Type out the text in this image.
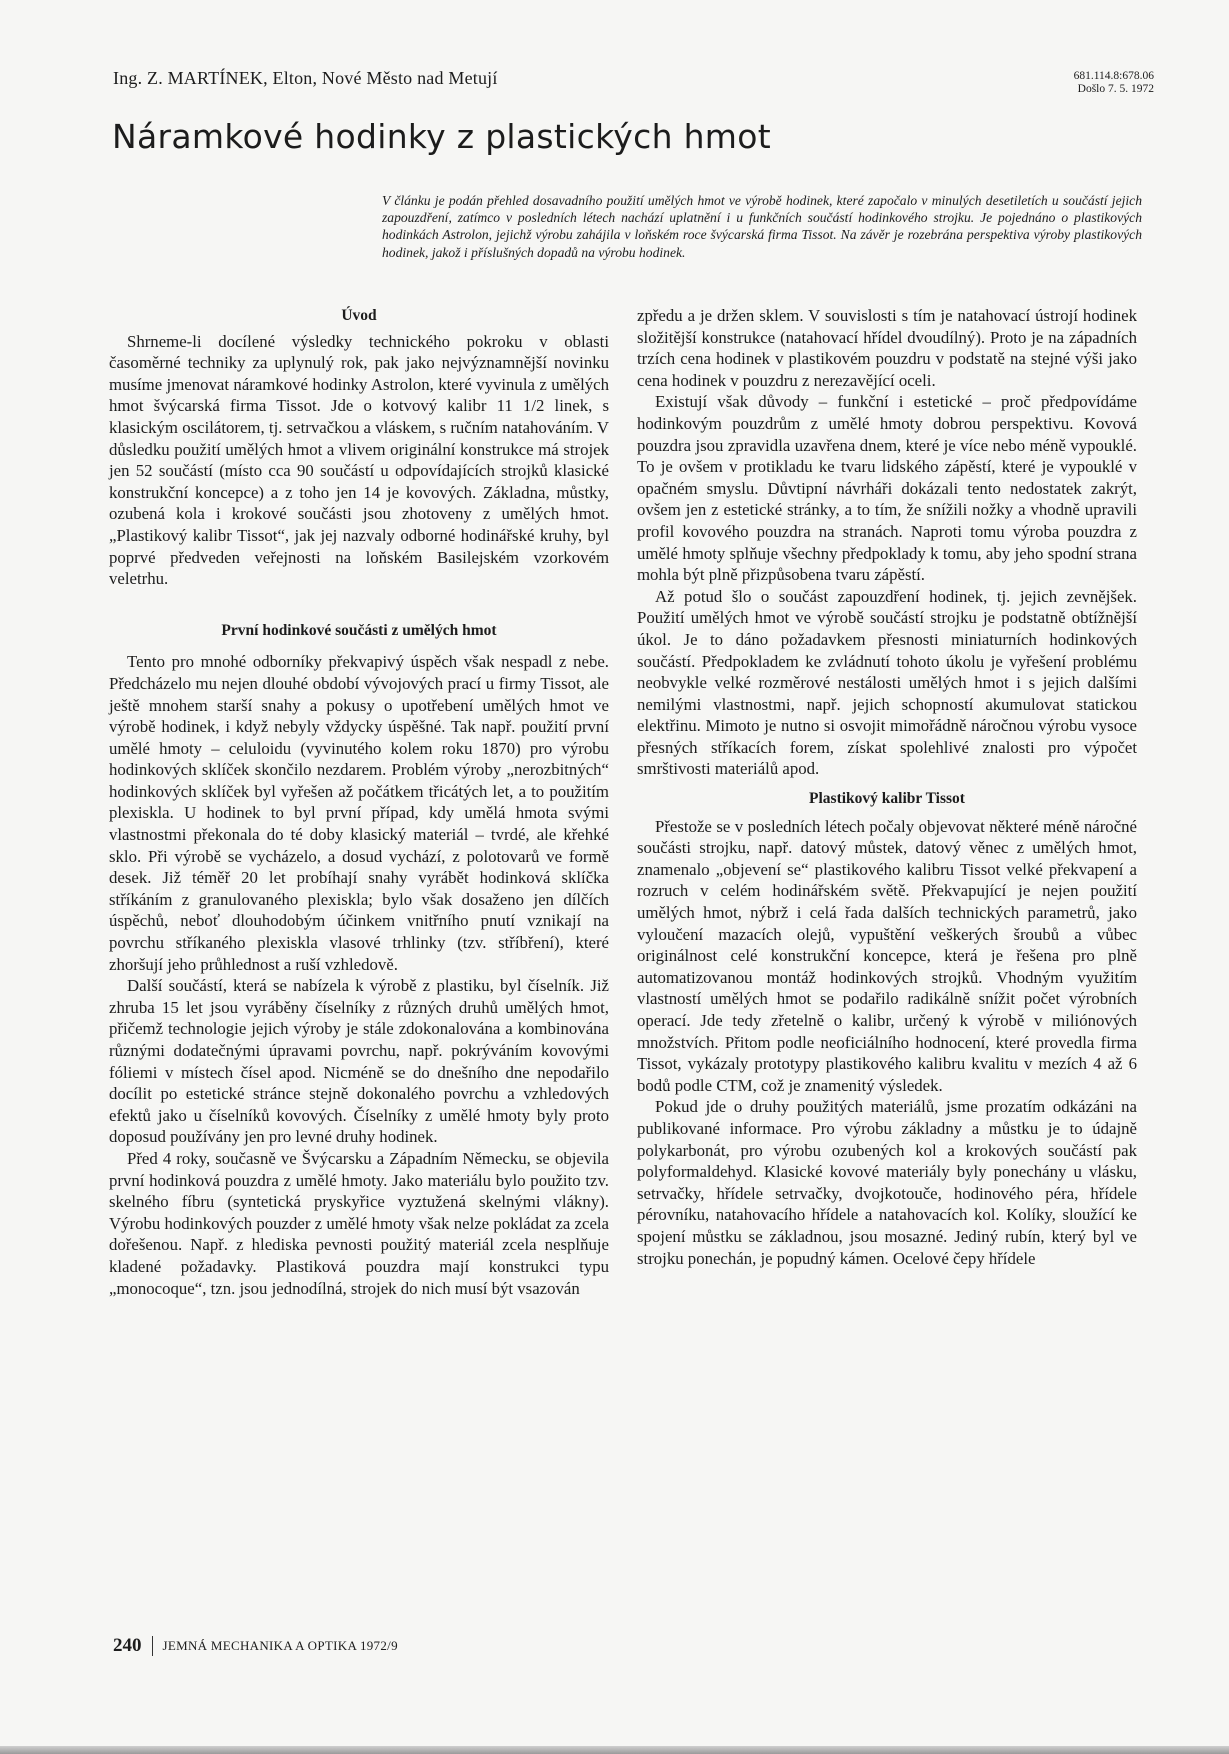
Ing. Z. MARTÍNEK, Elton, Nové Město nad Metují	681.114.8:678.06
Došlo 7. 5. 1972
Náramkové hodinky z plastických hmot
V článku je podán přehled dosavadního použití umělých hmot ve výrobě hodinek, které započalo v minulých desetiletích u součástí jejich zapouzdření, zatímco v posledních létech nachází uplatnění i u funkčních součástí hodinkového strojku. Je pojednáno o plastikových hodinkách Astrolon, jejichž výrobu zahájila v loňském roce švýcarská firma Tissot. Na závěr je rozebrána perspektiva výroby plastikových hodinek, jakož i příslušných dopadů na výrobu hodinek.
Úvod

Shrneme-li docílené výsledky technického pokroku v oblasti časoměrné techniky za uplynulý rok, pak jako nejvýznamnější novinku musíme jmenovat náramkové hodinky Astrolon, které vyvinula z umělých hmot švýcarská firma Tissot. Jde o kotvový kalibr 11 1/2 linek, s klasickým oscilátorem, tj. setrvačkou a vláskem, s ručním natahováním. V důsledku použití umělých hmot a vlivem originální konstrukce má strojek jen 52 součástí (místo cca 90 součástí u odpovídajících strojků klasické konstrukční koncepce) a z toho jen 14 je kovových. Základna, můstky, ozubená kola i krokové součásti jsou zhotoveny z umělých hmot. „Plastikový kalibr Tissot“, jak jej nazvaly odborné hodinářské kruhy, byl poprvé předveden veřejnosti na loňském Basilejském vzorkovém veletrhu.

První hodinkové součásti z umělých hmot

Tento pro mnohé odborníky překvapivý úspěch však nespadl z nebe. Předcházelo mu nejen dlouhé období vývojových prací u firmy Tissot, ale ještě mnohem starší snahy a pokusy o upotřebení umělých hmot ve výrobě hodinek, i když nebyly vždycky úspěšné. Tak např. použití první umělé hmoty – celuloidu (vyvinutého kolem roku 1870) pro výrobu hodinkových sklíček skončilo nezdarem. Problém výroby „nerozbitných“ hodinkových sklíček byl vyřešen až počátkem třicátých let, a to použitím plexiskla. U hodinek to byl první případ, kdy umělá hmota svými vlastnostmi překonala do té doby klasický materiál – tvrdé, ale křehké sklo. Při výrobě se vycházelo, a dosud vychází, z polotovarů ve formě desek. Již téměř 20 let probíhají snahy vyrábět hodinková sklíčka stříkáním z granulovaného plexiskla; bylo však dosaženo jen dílčích úspěchů, neboť dlouhodobým účinkem vnitřního pnutí vznikají na povrchu stříkaného plexiskla vlasové trhlinky (tzv. stříbření), které zhoršují jeho průhlednost a ruší vzhledově.

Další součástí, která se nabízela k výrobě z plastiku, byl číselník. Již zhruba 15 let jsou vyráběny číselníky z různých druhů umělých hmot, přičemž technologie jejich výroby je stále zdokonalována a kombinována různými dodatečnými úpravami povrchu, např. pokrýváním kovovými fóliemi v místech čísel apod. Nicméně se do dnešního dne nepodařilo docílit po estetické stránce stejně dokonalého povrchu a vzhledových efektů jako u číselníků kovových. Číselníky z umělé hmoty byly proto doposud používány jen pro levné druhy hodinek.

Před 4 roky, současně ve Švýcarsku a Západním Německu, se objevila první hodinková pouzdra z umělé hmoty. Jako materiálu bylo použito tzv. skelného fíbru (syntetická pryskyřice vyztužená skelnými vlákny). Výrobu hodinkových pouzder z umělé hmoty však nelze pokládat za zcela dořešenou. Např. z hlediska pevnosti použitý materiál zcela nesplňuje kladené požadavky. Plastiková pouzdra mají konstrukci typu „monocoque“, tzn. jsou jednodílná, strojek do nich musí být vsazován

zpředu a je držen sklem. V souvislosti s tím je natahovací ústrojí hodinek složitější konstrukce (natahovací hřídel dvoudílný). Proto je na západních trzích cena hodinek v plastikovém pouzdru v podstatě na stejné výši jako cena hodinek v pouzdru z nerezavějící oceli.

Existují však důvody – funkční i estetické – proč předpovídáme hodinkovým pouzdrům z umělé hmoty dobrou perspektivu. Kovová pouzdra jsou zpravidla uzavřena dnem, které je více nebo méně vypouklé. To je ovšem v protikladu ke tvaru lidského zápěstí, které je vypouklé v opačném smyslu. Důvtipní návrháři dokázali tento nedostatek zakrýt, ovšem jen z estetické stránky, a to tím, že snížili nožky a vhodně upravili profil kovového pouzdra na stranách. Naproti tomu výroba pouzdra z umělé hmoty splňuje všechny předpoklady k tomu, aby jeho spodní strana mohla být plně přizpůsobena tvaru zápěstí.

Až potud šlo o součást zapouzdření hodinek, tj. jejich zevnějšek. Použití umělých hmot ve výrobě součástí strojku je podstatně obtížnější úkol. Je to dáno požadavkem přesnosti miniaturních hodinkových součástí. Předpokladem ke zvládnutí tohoto úkolu je vyřešení problému neobvykle velké rozměrové nestálosti umělých hmot i s jejich dalšími nemilými vlastnostmi, např. jejich schopností akumulovat statickou elektřinu. Mimoto je nutno si osvojit mimořádně náročnou výrobu vysoce přesných stříkacích forem, získat spolehlivé znalosti pro výpočet smrštivosti materiálů apod.

Plastikový kalibr Tissot

Přestože se v posledních létech počaly objevovat některé méně náročné součásti strojku, např. datový můstek, datový věnec z umělých hmot, znamenalo „objevení se“ plastikového kalibru Tissot velké překvapení a rozruch v celém hodinářském světě. Překvapující je nejen použití umělých hmot, nýbrž i celá řada dalších technických parametrů, jako vyloučení mazacích olejů, vypuštění veškerých šroubů a vůbec originálnost celé konstrukční koncepce, která je řešena pro plně automatizovanou montáž hodinkových strojků. Vhodným využitím vlastností umělých hmot se podařilo radikálně snížit počet výrobních operací. Jde tedy zřetelně o kalibr, určený k výrobě v miliónových množstvích. Přitom podle neoficiálního hodnocení, které provedla firma Tissot, vykázaly prototypy plastikového kalibru kvalitu v mezích 4 až 6 bodů podle CTM, což je znamenitý výsledek.

Pokud jde o druhy použitých materiálů, jsme prozatím odkázáni na publikované informace. Pro výrobu základny a můstku je to údajně polykarbonát, pro výrobu ozubených kol a krokových součástí pak polyformaldehyd. Klasické kovové materiály byly ponechány u vlásku, setrvačky, hřídele setrvačky, dvojkotouče, hodinového péra, hřídele pérovníku, natahovacího hřídele a natahovacích kol. Kolíky, sloužící ke spojení můstku se základnou, jsou mosazné. Jediný rubín, který byl ve strojku ponechán, je popudný kámen. Ocelové čepy hřídele

240 JEMNÁ MECHANIKA A OPTIKA 1972/9
